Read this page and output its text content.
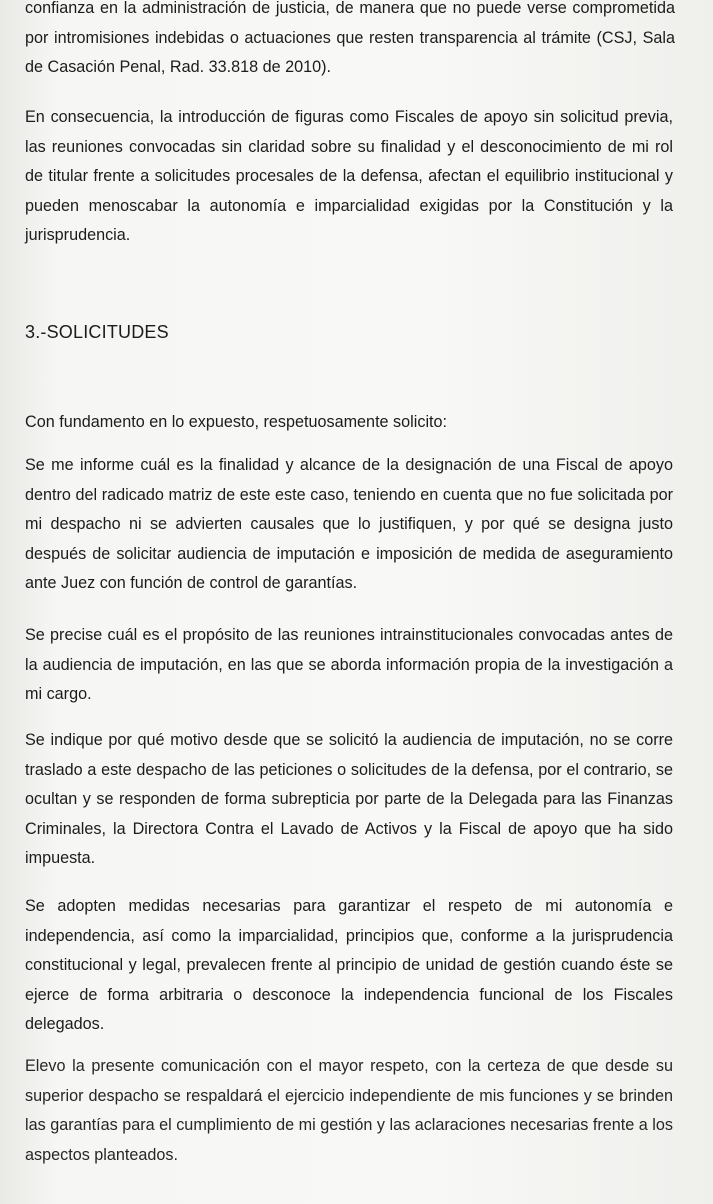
confianza en la administración de justicia, de manera que no puede verse comprometida por intromisiones indebidas o actuaciones que resten transparencia al trámite (CSJ, Sala de Casación Penal, Rad. 33.818 de 2010).

En consecuencia, la introducción de figuras como Fiscales de apoyo sin solicitud previa, las reuniones convocadas sin claridad sobre su finalidad y el desconocimiento de mi rol de titular frente a solicitudes procesales de la defensa, afectan el equilibrio institucional y pueden menoscabar la autonomía e imparcialidad exigidas por la Constitución y la jurisprudencia.

3.-SOLICITUDES

Con fundamento en lo expuesto, respetuosamente solicito:

Se me informe cuál es la finalidad y alcance de la designación de una Fiscal de apoyo dentro del radicado matriz de este este caso, teniendo en cuenta que no fue solicitada por mi despacho ni se advierten causales que lo justifiquen, y por qué se designa justo después de solicitar audiencia de imputación e imposición de medida de aseguramiento ante Juez con función de control de garantías.

Se precise cuál es el propósito de las reuniones intrainstitucionales convocadas antes de la audiencia de imputación, en las que se aborda información propia de la investigación a mi cargo.

Se indique por qué motivo desde que se solicitó la audiencia de imputación, no se corre traslado a este despacho de las peticiones o solicitudes de la defensa, por el contrario, se ocultan y se responden de forma subrepticia por parte de la Delegada para las Finanzas Criminales, la Directora Contra el Lavado de Activos y la Fiscal de apoyo que ha sido impuesta.

Se adopten medidas necesarias para garantizar el respeto de mi autonomía e independencia, así como la imparcialidad, principios que, conforme a la jurisprudencia constitucional y legal, prevalecen frente al principio de unidad de gestión cuando éste se ejerce de forma arbitraria o desconoce la independencia funcional de los Fiscales delegados.

Elevo la presente comunicación con el mayor respeto, con la certeza de que desde su superior despacho se respaldará el ejercicio independiente de mis funciones y se brinden las garantías para el cumplimiento de mi gestión y las aclaraciones necesarias frente a los aspectos planteados.
